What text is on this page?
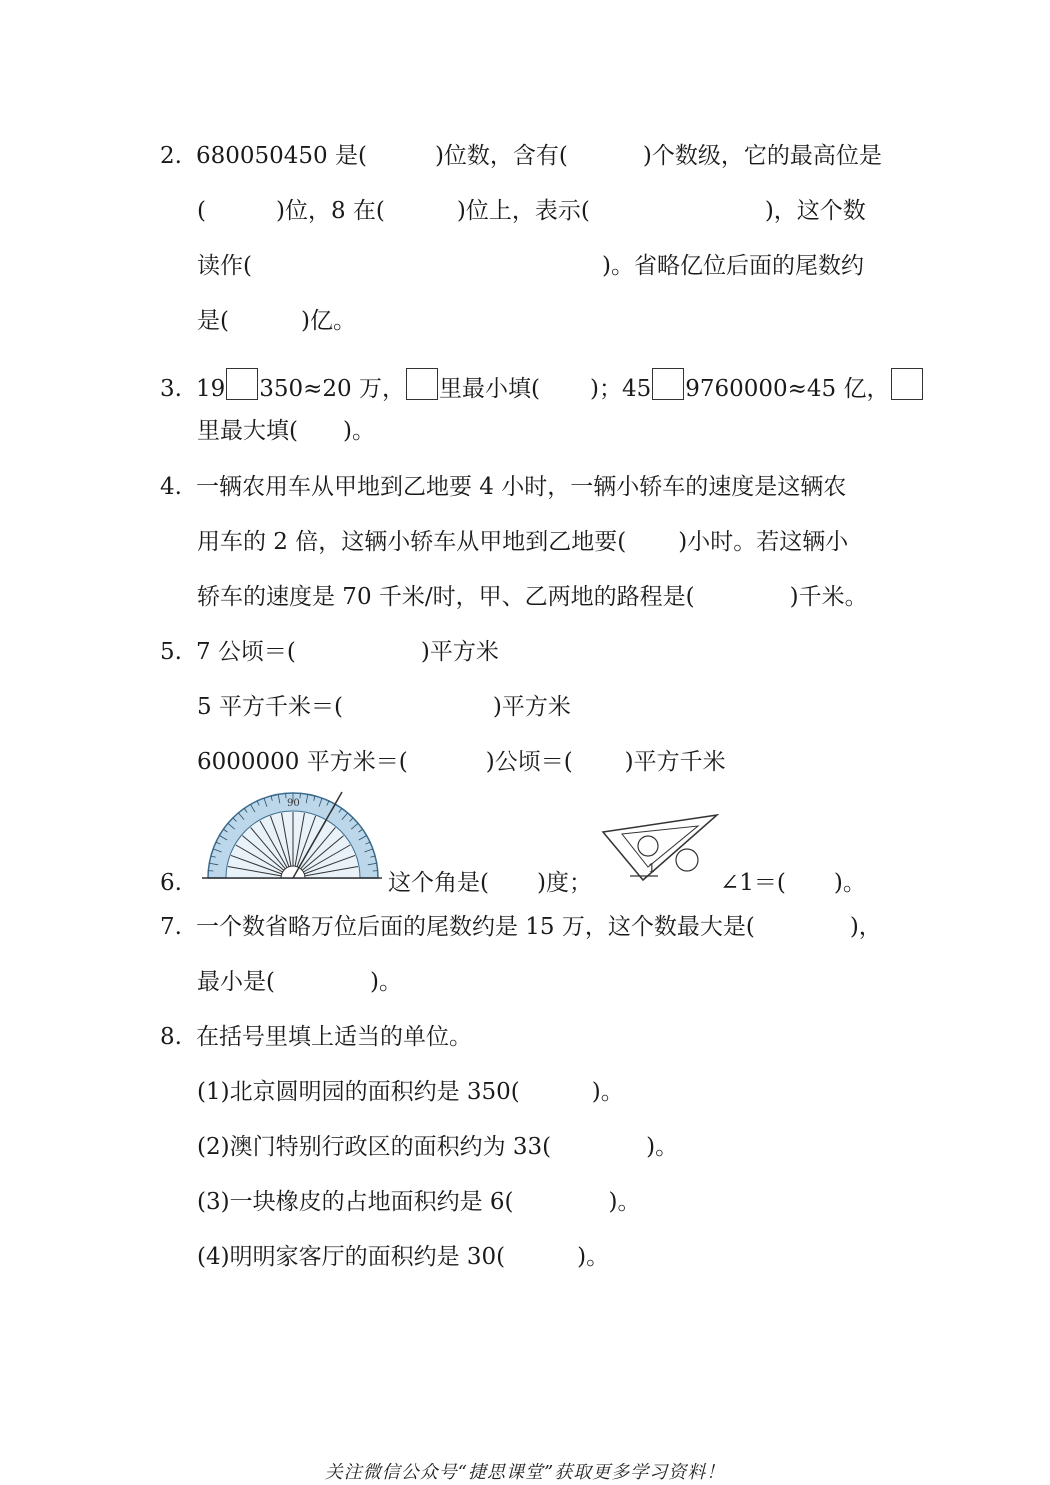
2. 680050450 是(	)位数，含有(	)个数级，它的最高位是
(	)位，8 在(	)位上，表示(	)，这个数
读作(	)。省略亿位后面的尾数约
是(	)亿。
3. 19 350≈20 万， 里最小填( )；45 9760000≈45 亿，
里最大填( )。
4. 一辆农用车从甲地到乙地要 4 小时，一辆小轿车的速度是这辆农
用车的 2 倍，这辆小轿车从甲地到乙地要( )小时。若这辆小
轿车的速度是 70 千米/时，甲、乙两地的路程是(	)千米。
5. 7 公顷＝(	)平方米
5 平方千米＝(	)平方米
6000000 平方米＝(	)公顷＝( )平方千米
6.
90
这个角是( )度；
1
∠1＝( )。
7. 一个数省略万位后面的尾数约是 15 万，这个数最大是(	)，
最小是(	)。
8. 在括号里填上适当的单位。
(1)北京圆明园的面积约是 350(	)。
(2)澳门特别行政区的面积约为 33(	)。
(3)一块橡皮的占地面积约是 6(	)。
(4)明明家客厅的面积约是 30(	)。
关注微信公众号“捷思课堂”获取更多学习资料！
